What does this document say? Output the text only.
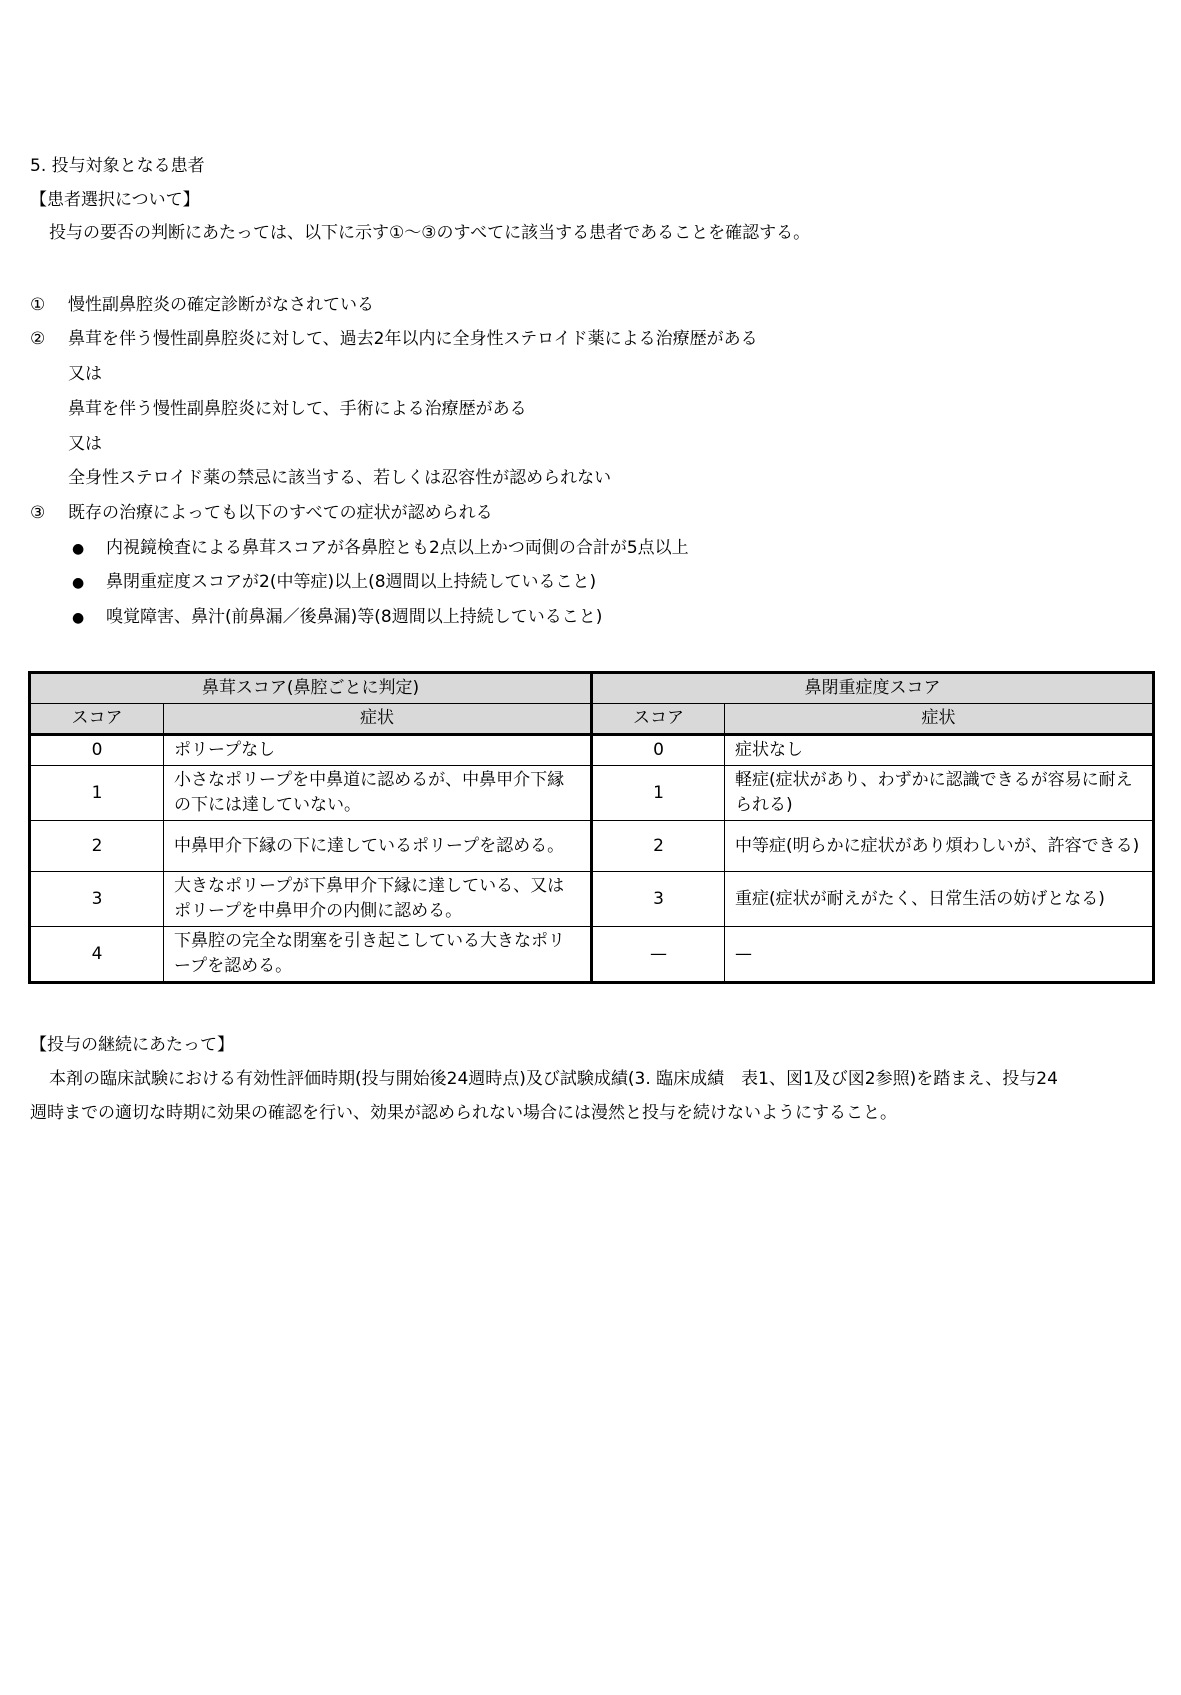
5. 投与対象となる患者
【患者選択について】
投与の要否の判断にあたっては、以下に示す①～③のすべてに該当する患者であることを確認する。
① 慢性副鼻腔炎の確定診断がなされている
② 鼻茸を伴う慢性副鼻腔炎に対して、過去2年以内に全身性ステロイド薬による治療歴がある
又は
鼻茸を伴う慢性副鼻腔炎に対して、手術による治療歴がある
又は
全身性ステロイド薬の禁忌に該当する、若しくは忍容性が認められない
③ 既存の治療によっても以下のすべての症状が認められる
● 内視鏡検査による鼻茸スコアが各鼻腔とも2点以上かつ両側の合計が5点以上
● 鼻閉重症度スコアが2(中等症)以上(8週間以上持続していること)
● 嗅覚障害、鼻汁(前鼻漏／後鼻漏)等(8週間以上持続していること)
鼻茸スコア(鼻腔ごとに判定)		鼻閉重症度スコア	
スコア	症状	スコア	症状
0	ポリープなし	0	症状なし
1	小さなポリープを中鼻道に認めるが、中鼻甲介下縁の下には達していない。	1	軽症(症状があり、わずかに認識できるが容易に耐えられる)
2	中鼻甲介下縁の下に達しているポリープを認める。	2	中等症(明らかに症状があり煩わしいが、許容できる)
3	大きなポリープが下鼻甲介下縁に達している、又はポリープを中鼻甲介の内側に認める。	3	重症(症状が耐えがたく、日常生活の妨げとなる)
4	下鼻腔の完全な閉塞を引き起こしている大きなポリープを認める。	—	—
【投与の継続にあたって】
本剤の臨床試験における有効性評価時期(投与開始後24週時点)及び試験成績(3. 臨床成績　表1、図1及び図2参照)を踏まえ、投与24
週時までの適切な時期に効果の確認を行い、効果が認められない場合には漫然と投与を続けないようにすること。
